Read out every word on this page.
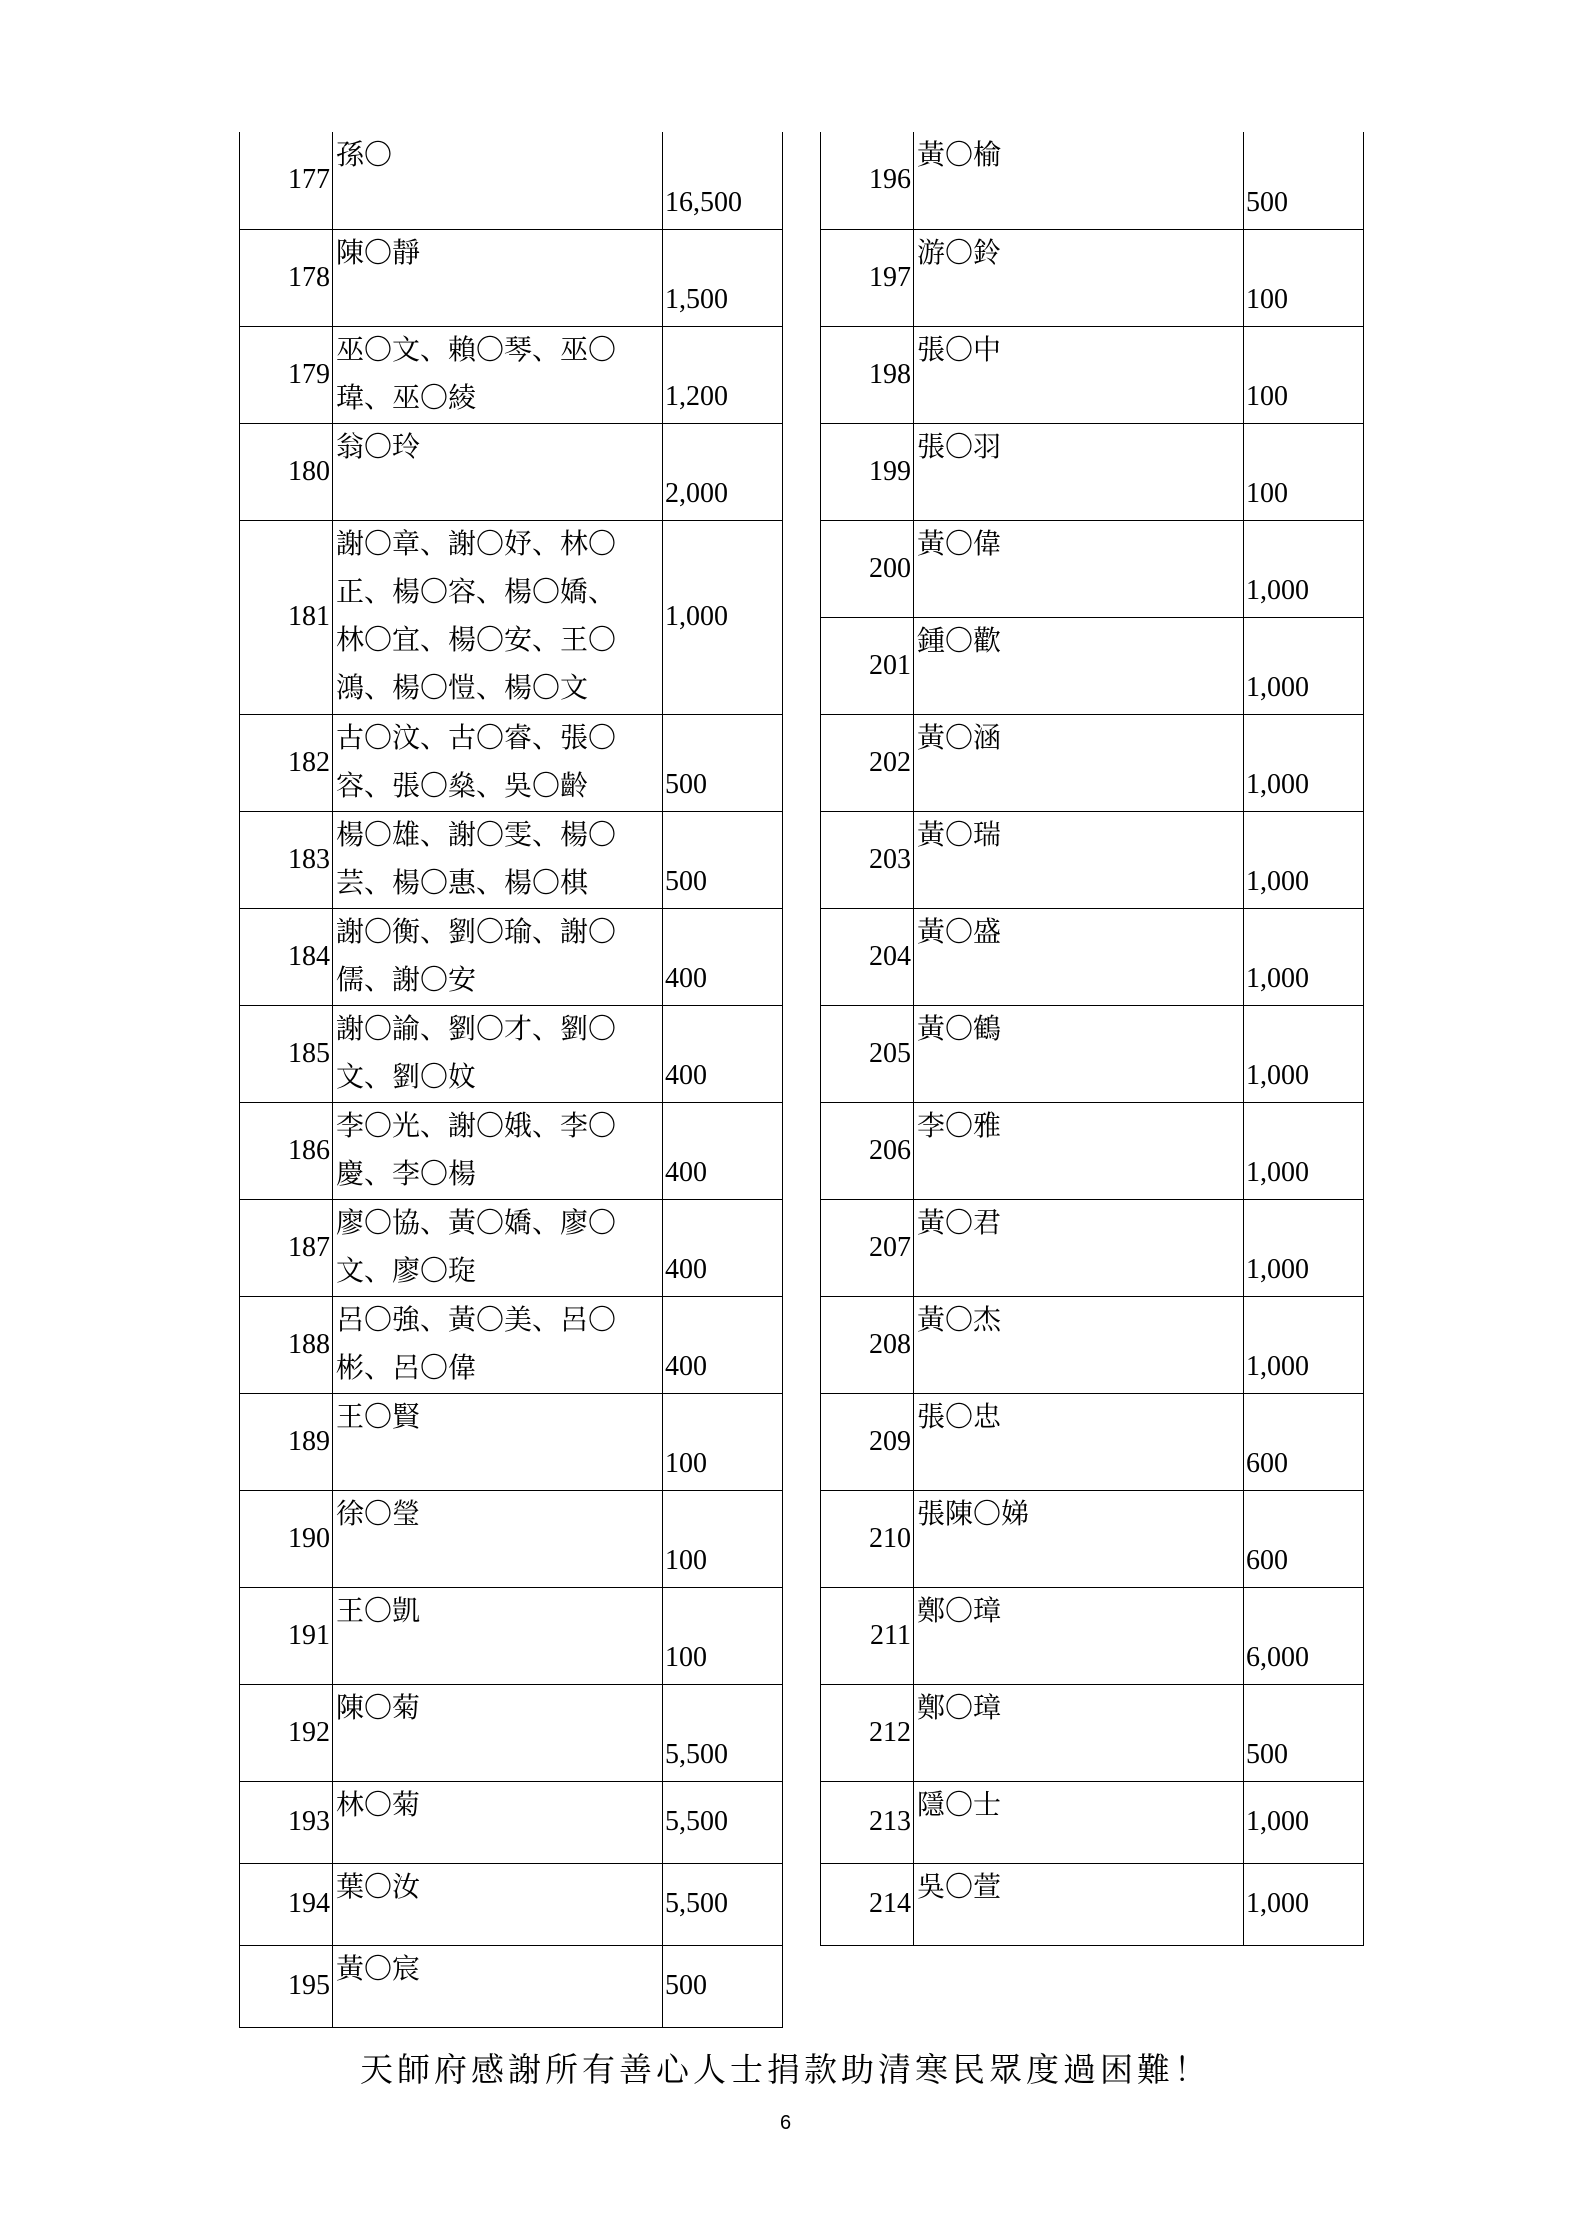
177	孫〇	16,500
178	陳〇靜	1,500
179	巫〇文、賴〇琴、巫〇
瑋、巫〇綾	1,200
180	翁〇玲	2,000
181	謝〇章、謝〇妤、林〇
正、楊〇容、楊〇嬌、
林〇宜、楊〇安、王〇
鴻、楊〇愷、楊〇文	1,000
182	古〇汶、古〇睿、張〇
容、張〇燊、吳〇齡	500
183	楊〇雄、謝〇雯、楊〇
芸、楊〇惠、楊〇棋	500
184	謝〇衡、劉〇瑜、謝〇
儒、謝〇安	400
185	謝〇諭、劉〇才、劉〇
文、劉〇妏	400
186	李〇光、謝〇娥、李〇
慶、李〇楊	400
187	廖〇協、黃〇嬌、廖〇
文、廖〇琁	400
188	呂〇強、黃〇美、呂〇
彬、呂〇偉	400
189	王〇賢	100
190	徐〇瑩	100
191	王〇凱	100
192	陳〇菊	5,500
193	林〇菊	5,500
194	葉〇汝	5,500
195	黃〇宸	500
196	黃〇榆	500
197	游〇鈴	100
198	張〇中	100
199	張〇羽	100
200	黃〇偉	1,000
201	鍾〇歡	1,000
202	黃〇涵	1,000
203	黃〇瑞	1,000
204	黃〇盛	1,000
205	黃〇鶴	1,000
206	李〇雅	1,000
207	黃〇君	1,000
208	黃〇杰	1,000
209	張〇忠	600
210	張陳〇娣	600
211	鄭〇璋	6,000
212	鄭〇璋	500
213	隱〇士	1,000
214	吳〇萱	1,000
天師府感謝所有善心人士捐款助清寒民眾度過困難！
6
